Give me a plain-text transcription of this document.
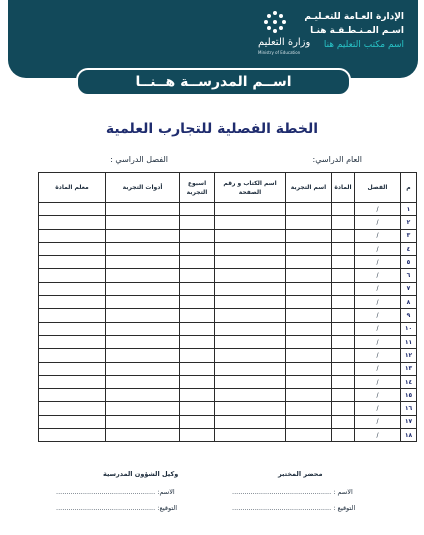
الإدارة العـامة للتعـليـم
اسـم المـنـطـقـة هنـا
اسم مكتب التعليم هنا
وزارة التعليم
Ministry of Education
اســم المدرســة هــنــا
الخطة الفصلية للتجارب العلمية
العام الدراسي:
الفصل الدراسي :
م	الفصل	المادة	اسم التجربة	اسم الكتاب و رقم الصفحة	اسبوع التجربة	أدوات التجربة	معلم المادة
١	/						
٢	/						
٣	/						
٤	/						
٥	/						
٦	/						
٧	/						
٨	/						
٩	/						
١٠	/						
١١	/						
١٢	/						
١٣	/						
١٤	/						
١٥	/						
١٦	/						
١٧	/						
١٨	/						
وكيل الشؤون المدرسية	محضر المختبر
الاسم: ................................................	الاسم : ................................................
التوقيع: ................................................	التوقيع : ................................................
